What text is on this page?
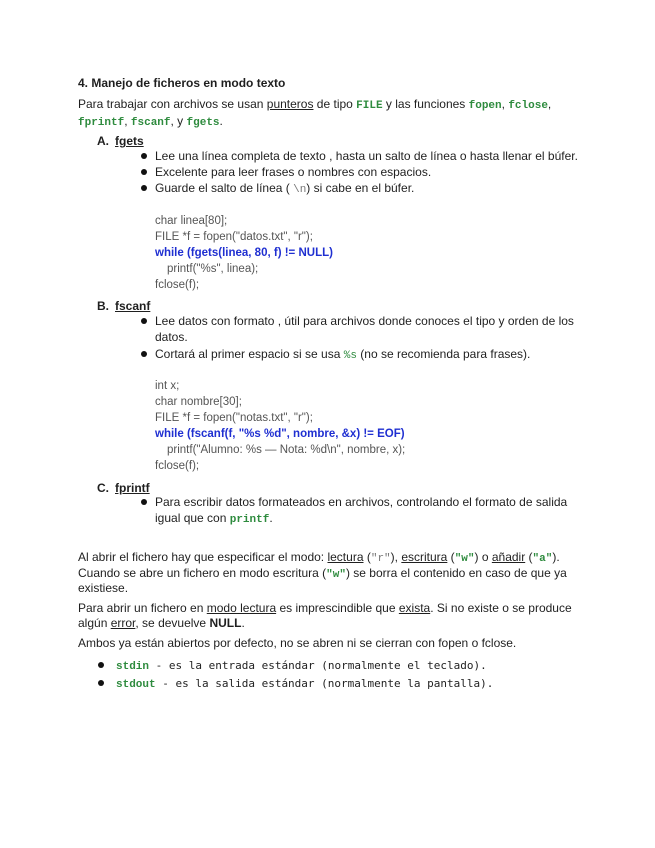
4. Manejo de ficheros en modo texto
Para trabajar con archivos se usan punteros de tipo FILE y las funciones fopen, fclose,
fprintf, fscanf, y fgets.
A. fgets
Lee una línea completa de texto , hasta un salto de línea o hasta llenar el búfer.
Excelente para leer frases o nombres con espacios.
Guarde el salto de línea ( \n) si cabe en el búfer.
char linea[80];
FILE *f = fopen("datos.txt", "r");
while (fgets(linea, 80, f) != NULL)
printf("%s", linea);
fclose(f);
B. fscanf
Lee datos con formato , útil para archivos donde conoces el tipo y orden de los
datos.
Cortará al primer espacio si se usa %s (no se recomienda para frases).
int x;
char nombre[30];
FILE *f = fopen("notas.txt", "r");
while (fscanf(f, "%s %d", nombre, &x) != EOF)
printf("Alumno: %s — Nota: %d\n", nombre, x);
fclose(f);
C. fprintf
Para escribir datos formateados en archivos, controlando el formato de salida
igual que con printf.
Al abrir el fichero hay que especificar el modo: lectura ("r"), escritura ("w") o añadir ("a").
Cuando se abre un fichero en modo escritura ("w") se borra el contenido en caso de que ya
existiese.
Para abrir un fichero en modo lectura es imprescindible que exista. Si no existe o se produce
algún error, se devuelve NULL.
Ambos ya están abiertos por defecto, no se abren ni se cierran con fopen o fclose.
stdin - es la entrada estándar (normalmente el teclado).
stdout - es la salida estándar (normalmente la pantalla).
